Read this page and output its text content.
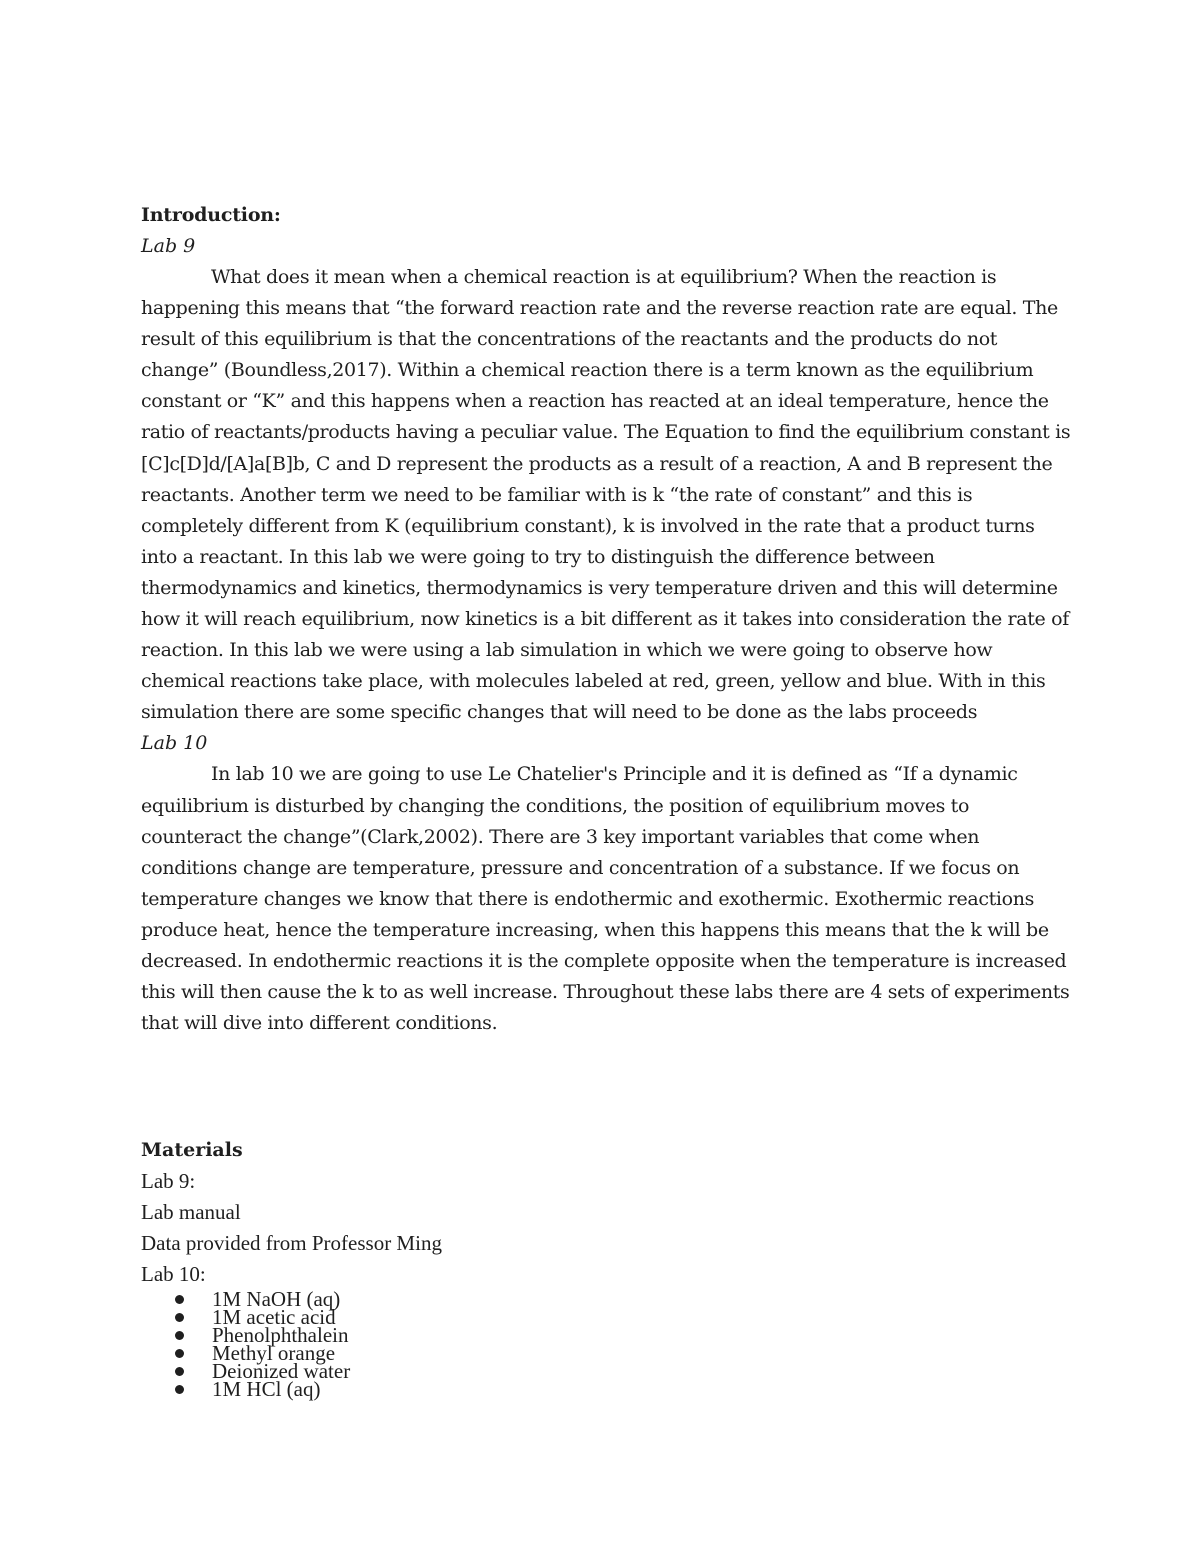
Introduction:
Lab 9

What does it mean when a chemical reaction is at equilibrium? When the reaction is happening this means that “the forward reaction rate and the reverse reaction rate are equal. The result of this equilibrium is that the concentrations of the reactants and the products do not change” (Boundless,2017). Within a chemical reaction there is a term known as the equilibrium constant or “K” and this happens when a reaction has reacted at an ideal temperature, hence the ratio of reactants/products having a peculiar value. The Equation to find the equilibrium constant is [C]c[D]d/[A]a[B]b, C and D represent the products as a result of a reaction, A and B represent the reactants. Another term we need to be familiar with is k “the rate of constant” and this is completely different from K (equilibrium constant), k is involved in the rate that a product turns into a reactant. In this lab we were going to try to distinguish the difference between thermodynamics and kinetics, thermodynamics is very temperature driven and this will determine how it will reach equilibrium, now kinetics is a bit different as it takes into consideration the rate of reaction. In this lab we were using a lab simulation in which we were going to observe how chemical reactions take place, with molecules labeled at red, green, yellow and blue. With in this simulation there are some specific changes that will need to be done as the labs proceeds

Lab 10

In lab 10 we are going to use Le Chatelier's Principle and it is defined as “If a dynamic equilibrium is disturbed by changing the conditions, the position of equilibrium moves to counteract the change”(Clark,2002). There are 3 key important variables that come when conditions change are temperature, pressure and concentration of a substance. If we focus on temperature changes we know that there is endothermic and exothermic. Exothermic reactions produce heat, hence the temperature increasing, when this happens this means that the k will be decreased. In endothermic reactions it is the complete opposite when the temperature is increased this will then cause the k to as well increase. Throughout these labs there are 4 sets of experiments that will dive into different conditions.

Materials
Lab 9:
Lab manual
Data provided from Professor Ming
Lab 10:
1M NaOH (aq)
1M acetic acid
Phenolphthalein
Methyl orange
Deionized water
1M HCl (aq)
